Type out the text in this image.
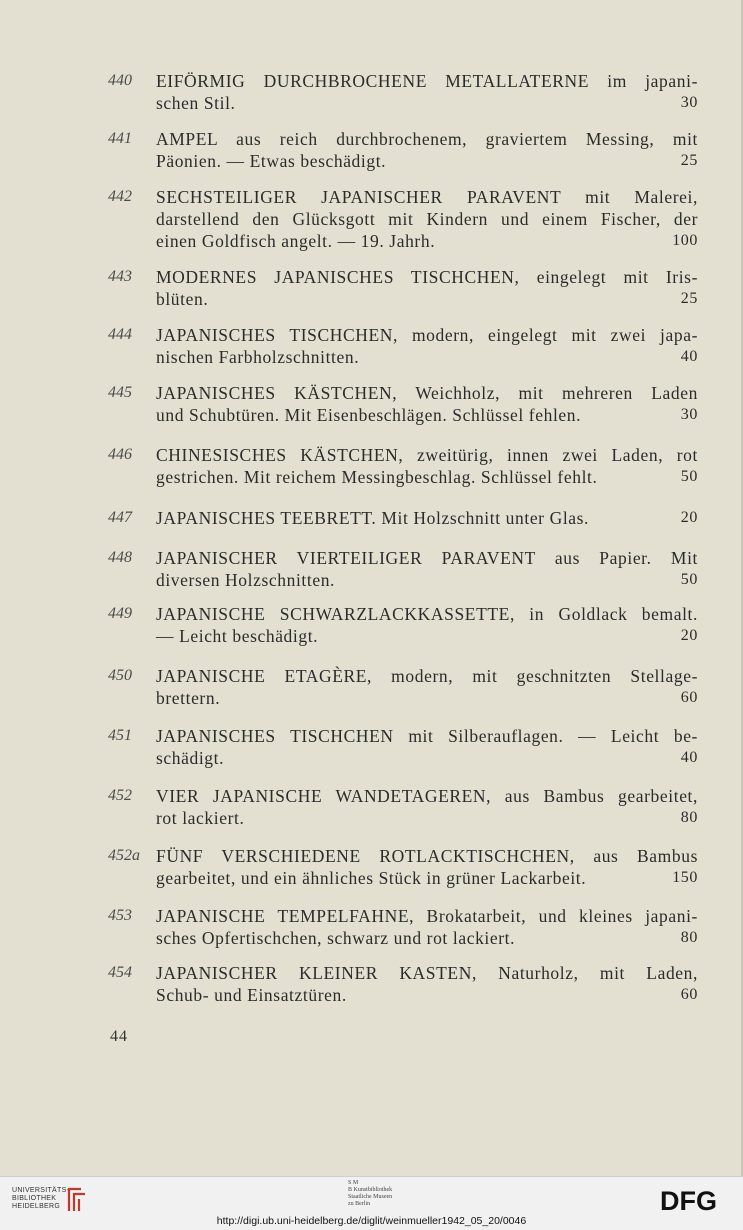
440	EIFÖRMIG DURCHBROCHENE METALLATERNE im japani-
schen Stil.	30
441	AMPEL aus reich durchbrochenem, graviertem Messing, mit
Päonien. — Etwas beschädigt.	25
442	SECHSTEILIGER JAPANISCHER PARAVENT mit Malerei,
darstellend den Glücksgott mit Kindern und einem Fischer, der
einen Goldfisch angelt. — 19. Jahrh.	100
443	MODERNES JAPANISCHES TISCHCHEN, eingelegt mit Iris-
blüten.	25
444	JAPANISCHES TISCHCHEN, modern, eingelegt mit zwei japa-
nischen Farbholzschnitten.	40
445	JAPANISCHES KÄSTCHEN, Weichholz, mit mehreren Laden
und Schubtüren. Mit Eisenbeschlägen. Schlüssel fehlen.	30
446	CHINESISCHES KÄSTCHEN, zweitürig, innen zwei Laden, rot
gestrichen. Mit reichem Messingbeschlag. Schlüssel fehlt.	50
447	JAPANISCHES TEEBRETT. Mit Holzschnitt unter Glas.	20
448	JAPANISCHER VIERTEILIGER PARAVENT aus Papier. Mit
diversen Holzschnitten.	50
449	JAPANISCHE SCHWARZLACKKASSETTE, in Goldlack bemalt.
— Leicht beschädigt.	20
450	JAPANISCHE ETAGÈRE, modern, mit geschnitzten Stellage-
brettern.	60
451	JAPANISCHES TISCHCHEN mit Silberauflagen. — Leicht be-
schädigt.	40
452	VIER JAPANISCHE WANDETAGEREN, aus Bambus gearbeitet,
rot lackiert.	80
452a FÜNF VERSCHIEDENE ROTLACKTISCHCHEN, aus Bambus
gearbeitet, und ein ähnliches Stück in grüner Lackarbeit.	150
453	JAPANISCHE TEMPELFAHNE, Brokatarbeit, und kleines japani-
sches Opfertischchen, schwarz und rot lackiert.	80
454	JAPANISCHER KLEINER KASTEN, Naturholz, mit Laden,
Schub- und Einsatztüren.	60
44
UNIVERSITÄTS-
BIBLIOTHEK
HEIDELBERG
S M
B Kunstbibliothek
Staatliche Museen
zu Berlin	DFG
http://digi.ub.uni-heidelberg.de/diglit/weinmueller1942_05_20/0046
